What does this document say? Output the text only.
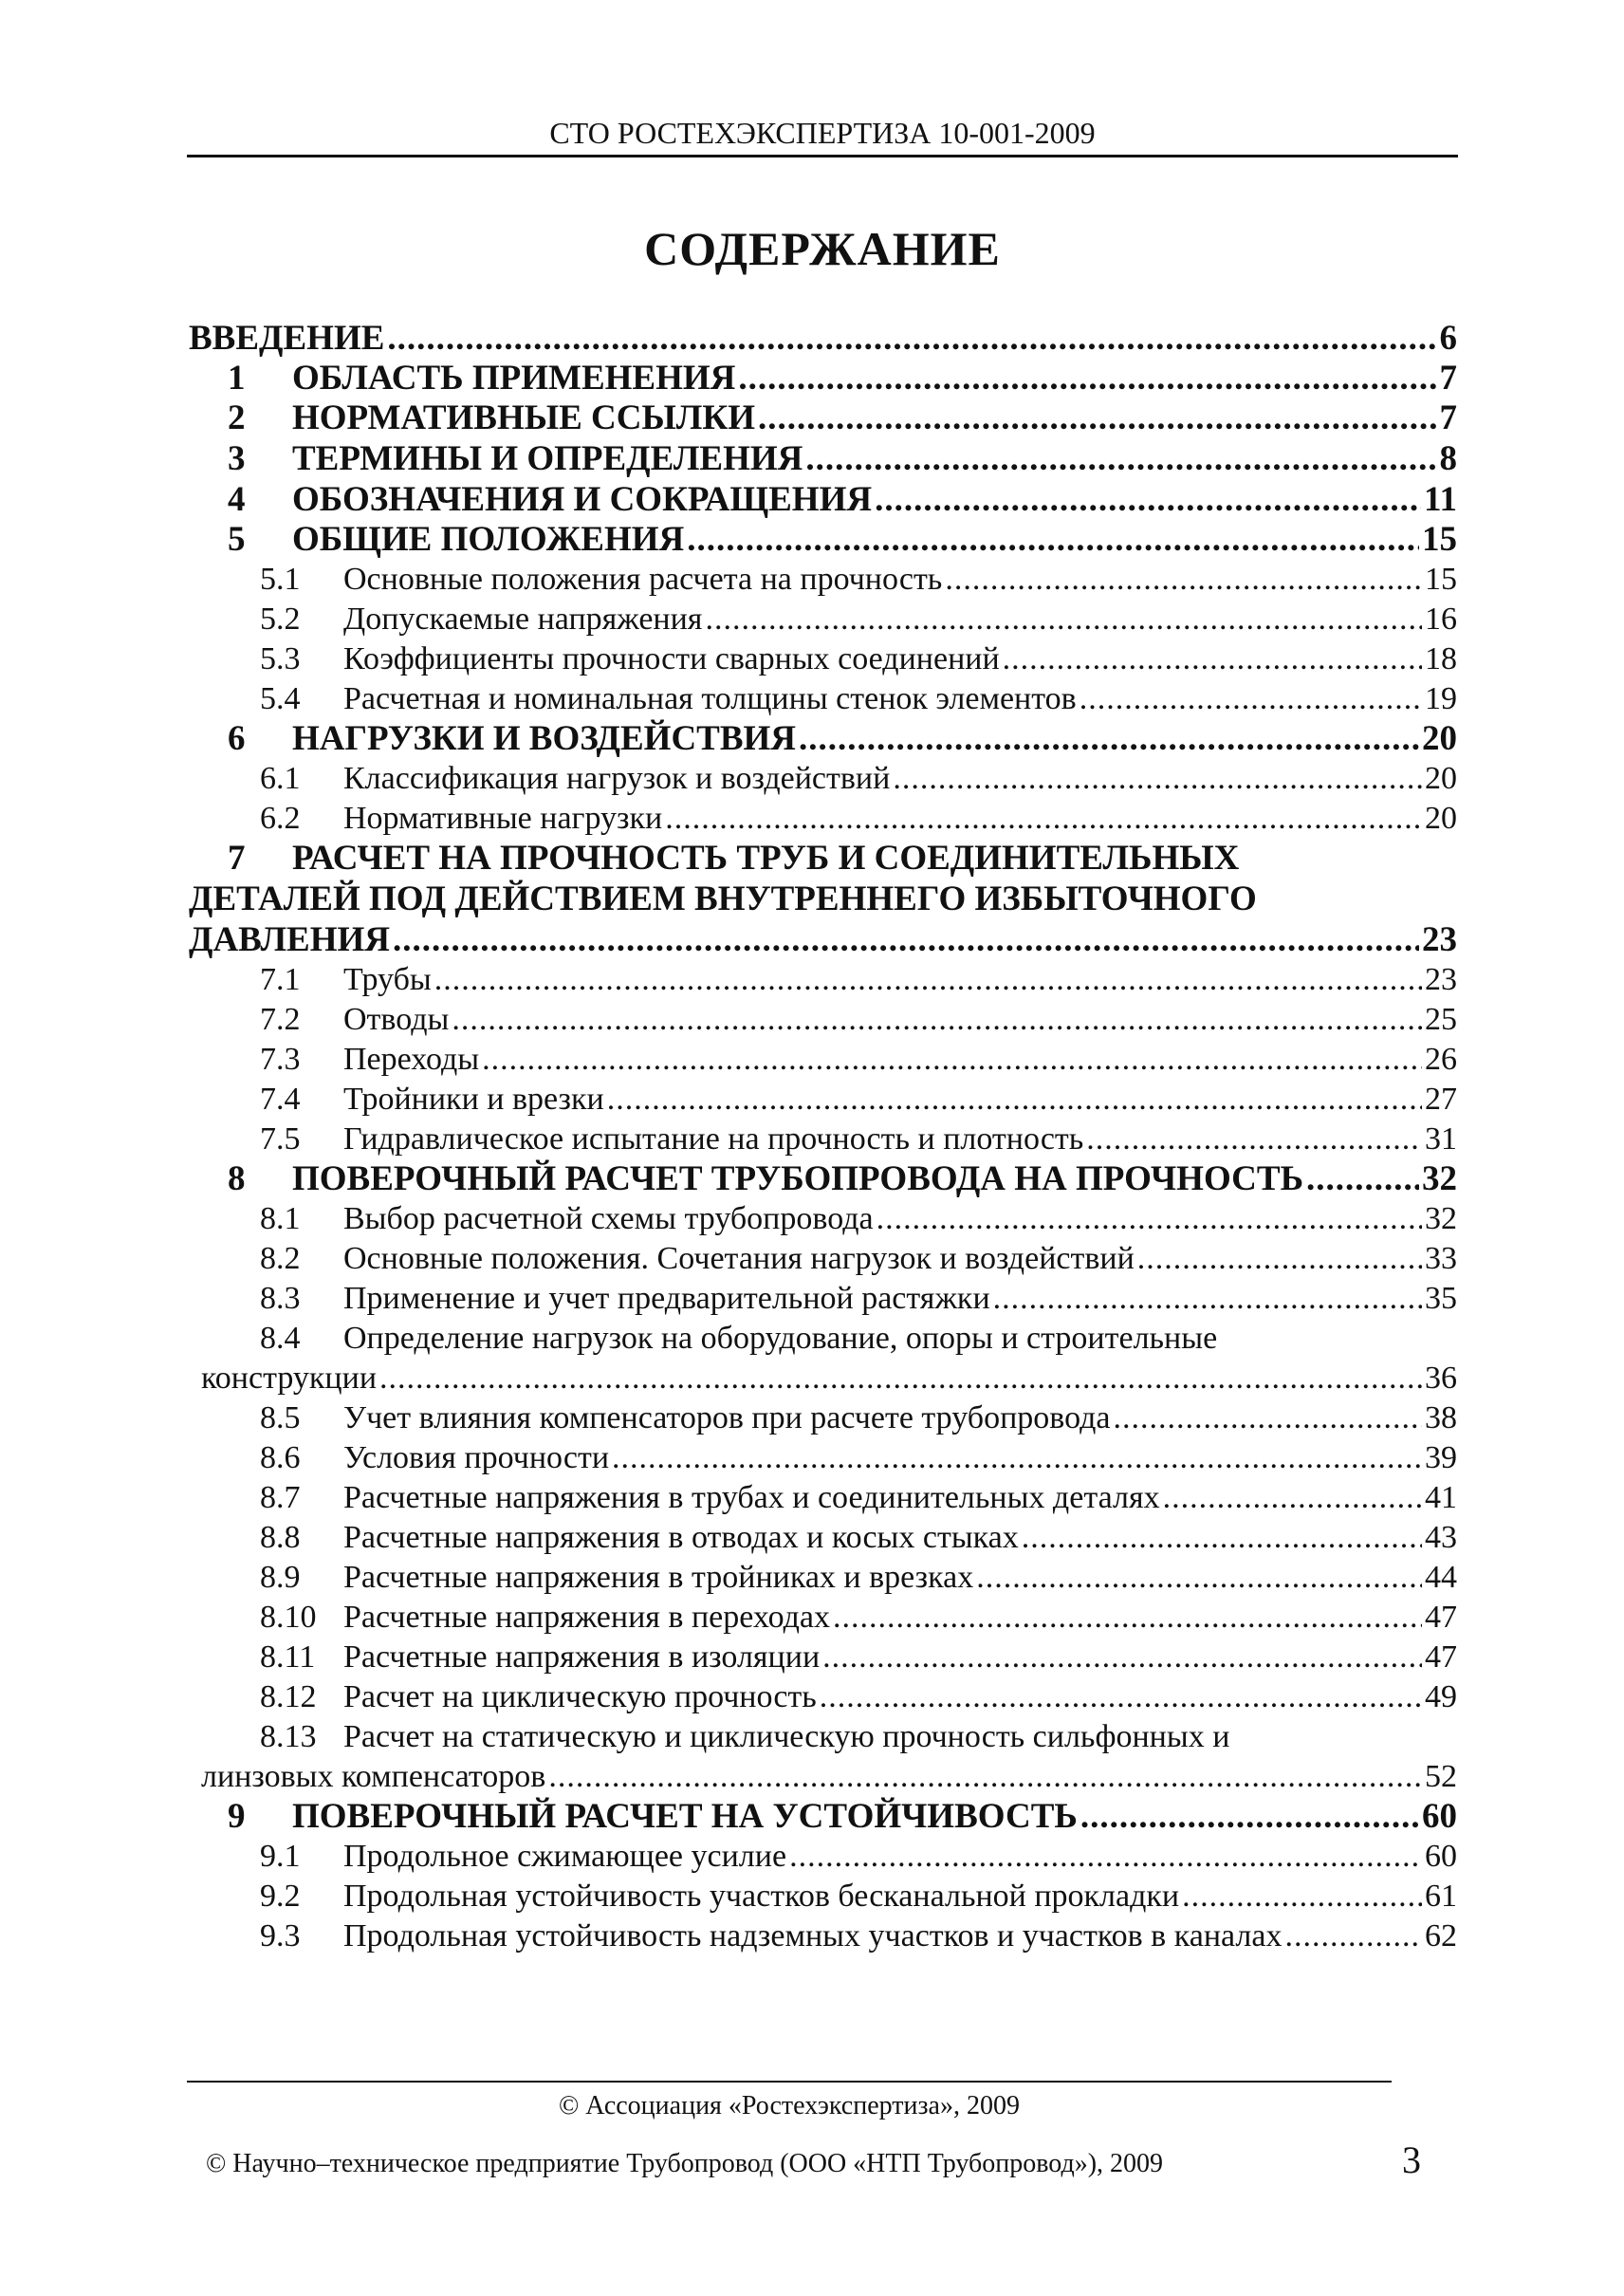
СТО РОСТЕХЭКСПЕРТИЗА 10-001-2009
СОДЕРЖАНИЕ
ВВЕДЕНИЕ .....	6
1 ОБЛАСТЬ ПРИМЕНЕНИЯ .....	7
2 НОРМАТИВНЫЕ ССЫЛКИ .....	7
3 ТЕРМИНЫ И ОПРЕДЕЛЕНИЯ .....	8
4 ОБОЗНАЧЕНИЯ И СОКРАЩЕНИЯ .....	11
5 ОБЩИЕ ПОЛОЖЕНИЯ .....	15
5.1 Основные положения расчета на прочность .....	15
5.2 Допускаемые напряжения .....	16
5.3 Коэффициенты прочности сварных соединений .....	18
5.4 Расчетная и номинальная толщины стенок элементов .....	19
6 НАГРУЗКИ И ВОЗДЕЙСТВИЯ .....	20
6.1 Классификация нагрузок и воздействий .....	20
6.2 Нормативные нагрузки .....	20
7 РАСЧЕТ НА ПРОЧНОСТЬ ТРУБ И СОЕДИНИТЕЛЬНЫХ
ДЕТАЛЕЙ ПОД ДЕЙСТВИЕМ ВНУТРЕННЕГО ИЗБЫТОЧНОГО
ДАВЛЕНИЯ .....	23
7.1 Трубы .....	23
7.2 Отводы .....	25
7.3 Переходы .....	26
7.4 Тройники и врезки .....	27
7.5 Гидравлическое испытание на прочность и плотность .....	31
8 ПОВЕРОЧНЫЙ РАСЧЕТ ТРУБОПРОВОДА НА ПРОЧНОСТЬ .....	32
8.1 Выбор расчетной схемы трубопровода .....	32
8.2 Основные положения. Сочетания нагрузок и воздействий .....	33
8.3 Применение и учет предварительной растяжки .....	35
8.4 Определение нагрузок на оборудование, опоры и строительные
конструкции .....	36
8.5 Учет влияния компенсаторов при расчете трубопровода .....	38
8.6 Условия прочности .....	39
8.7 Расчетные напряжения в трубах и соединительных деталях .....	41
8.8 Расчетные напряжения в отводах и косых стыках .....	43
8.9 Расчетные напряжения в тройниках и врезках .....	44
8.10 Расчетные напряжения в переходах .....	47
8.11 Расчетные напряжения в изоляции .....	47
8.12 Расчет на циклическую прочность .....	49
8.13 Расчет на статическую и циклическую прочность сильфонных и
линзовых компенсаторов .....	52
9 ПОВЕРОЧНЫЙ РАСЧЕТ НА УСТОЙЧИВОСТЬ .....	60
9.1 Продольное сжимающее усилие .....	60
9.2 Продольная устойчивость участков бесканальной прокладки .....	61
9.3 Продольная устойчивость надземных участков и участков в каналах .....	62
© Ассоциация «Ростехэкспертиза», 2009
© Научно–техническое предприятие Трубопровод (ООО «НТП Трубопровод»), 2009	3
